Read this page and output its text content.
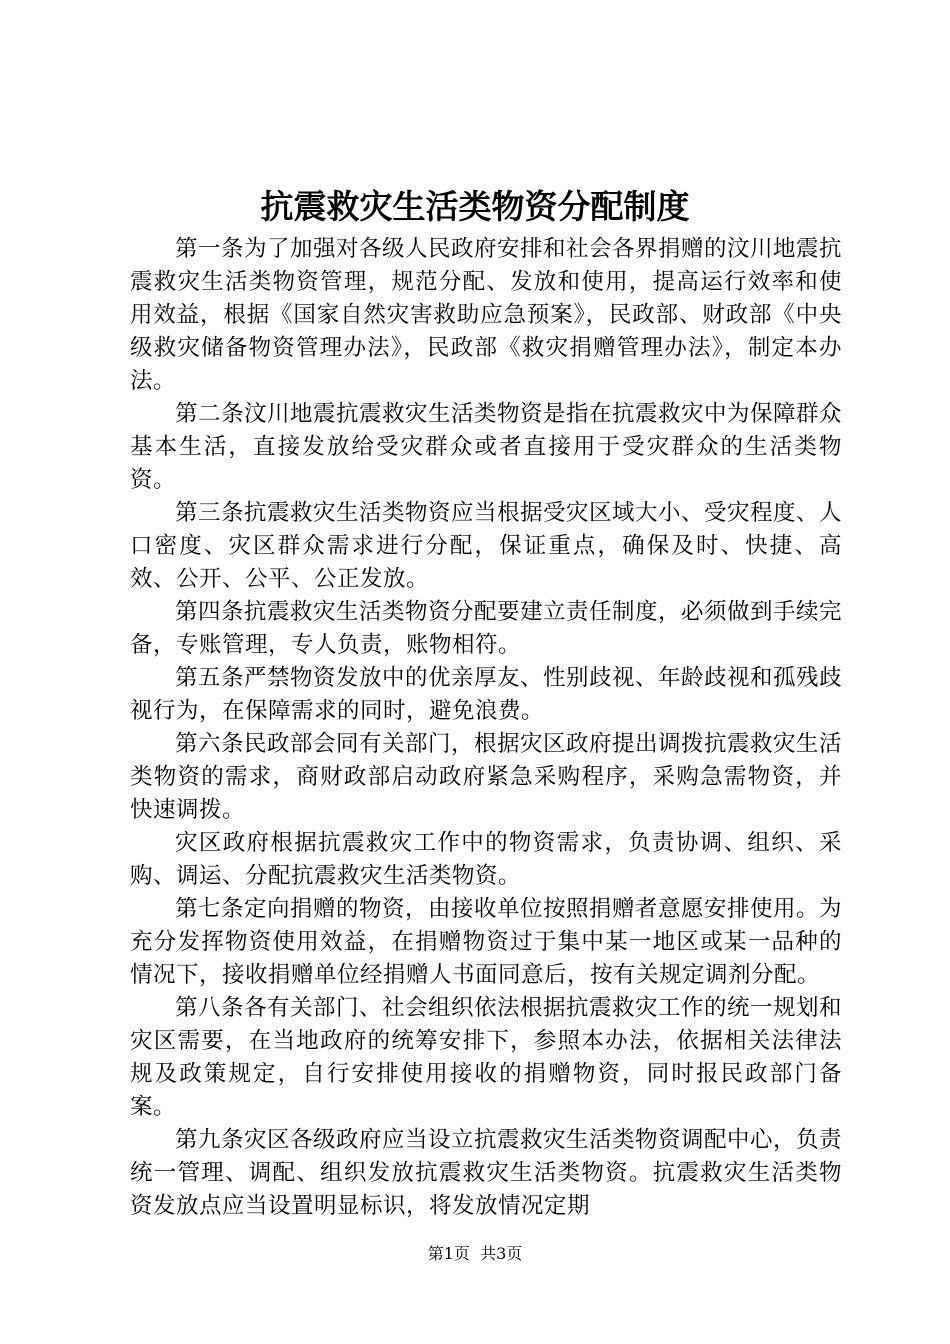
抗震救灾生活类物资分配制度

第一条为了加强对各级人民政府安排和社会各界捐赠的汶川地震抗震救灾生活类物资管理，规范分配、发放和使用，提高运行效率和使用效益，根据《国家自然灾害救助应急预案》，民政部、财政部《中央级救灾储备物资管理办法》，民政部《救灾捐赠管理办法》，制定本办法。

第二条汶川地震抗震救灾生活类物资是指在抗震救灾中为保障群众基本生活，直接发放给受灾群众或者直接用于受灾群众的生活类物资。

第三条抗震救灾生活类物资应当根据受灾区域大小、受灾程度、人口密度、灾区群众需求进行分配，保证重点，确保及时、快捷、高效、公开、公平、公正发放。

第四条抗震救灾生活类物资分配要建立责任制度，必须做到手续完备，专账管理，专人负责，账物相符。

第五条严禁物资发放中的优亲厚友、性别歧视、年龄歧视和孤残歧视行为，在保障需求的同时，避免浪费。

第六条民政部会同有关部门，根据灾区政府提出调拨抗震救灾生活类物资的需求，商财政部启动政府紧急采购程序，采购急需物资，并快速调拨。

灾区政府根据抗震救灾工作中的物资需求，负责协调、组织、采购、调运、分配抗震救灾生活类物资。

第七条定向捐赠的物资，由接收单位按照捐赠者意愿安排使用。为充分发挥物资使用效益，在捐赠物资过于集中某一地区或某一品种的情况下，接收捐赠单位经捐赠人书面同意后，按有关规定调剂分配。

第八条各有关部门、社会组织依法根据抗震救灾工作的统一规划和灾区需要，在当地政府的统筹安排下，参照本办法，依据相关法律法规及政策规定，自行安排使用接收的捐赠物资，同时报民政部门备案。

第九条灾区各级政府应当设立抗震救灾生活类物资调配中心，负责统一管理、调配、组织发放抗震救灾生活类物资。抗震救灾生活类物资发放点应当设置明显标识，将发放情况定期

第1页 共3页
